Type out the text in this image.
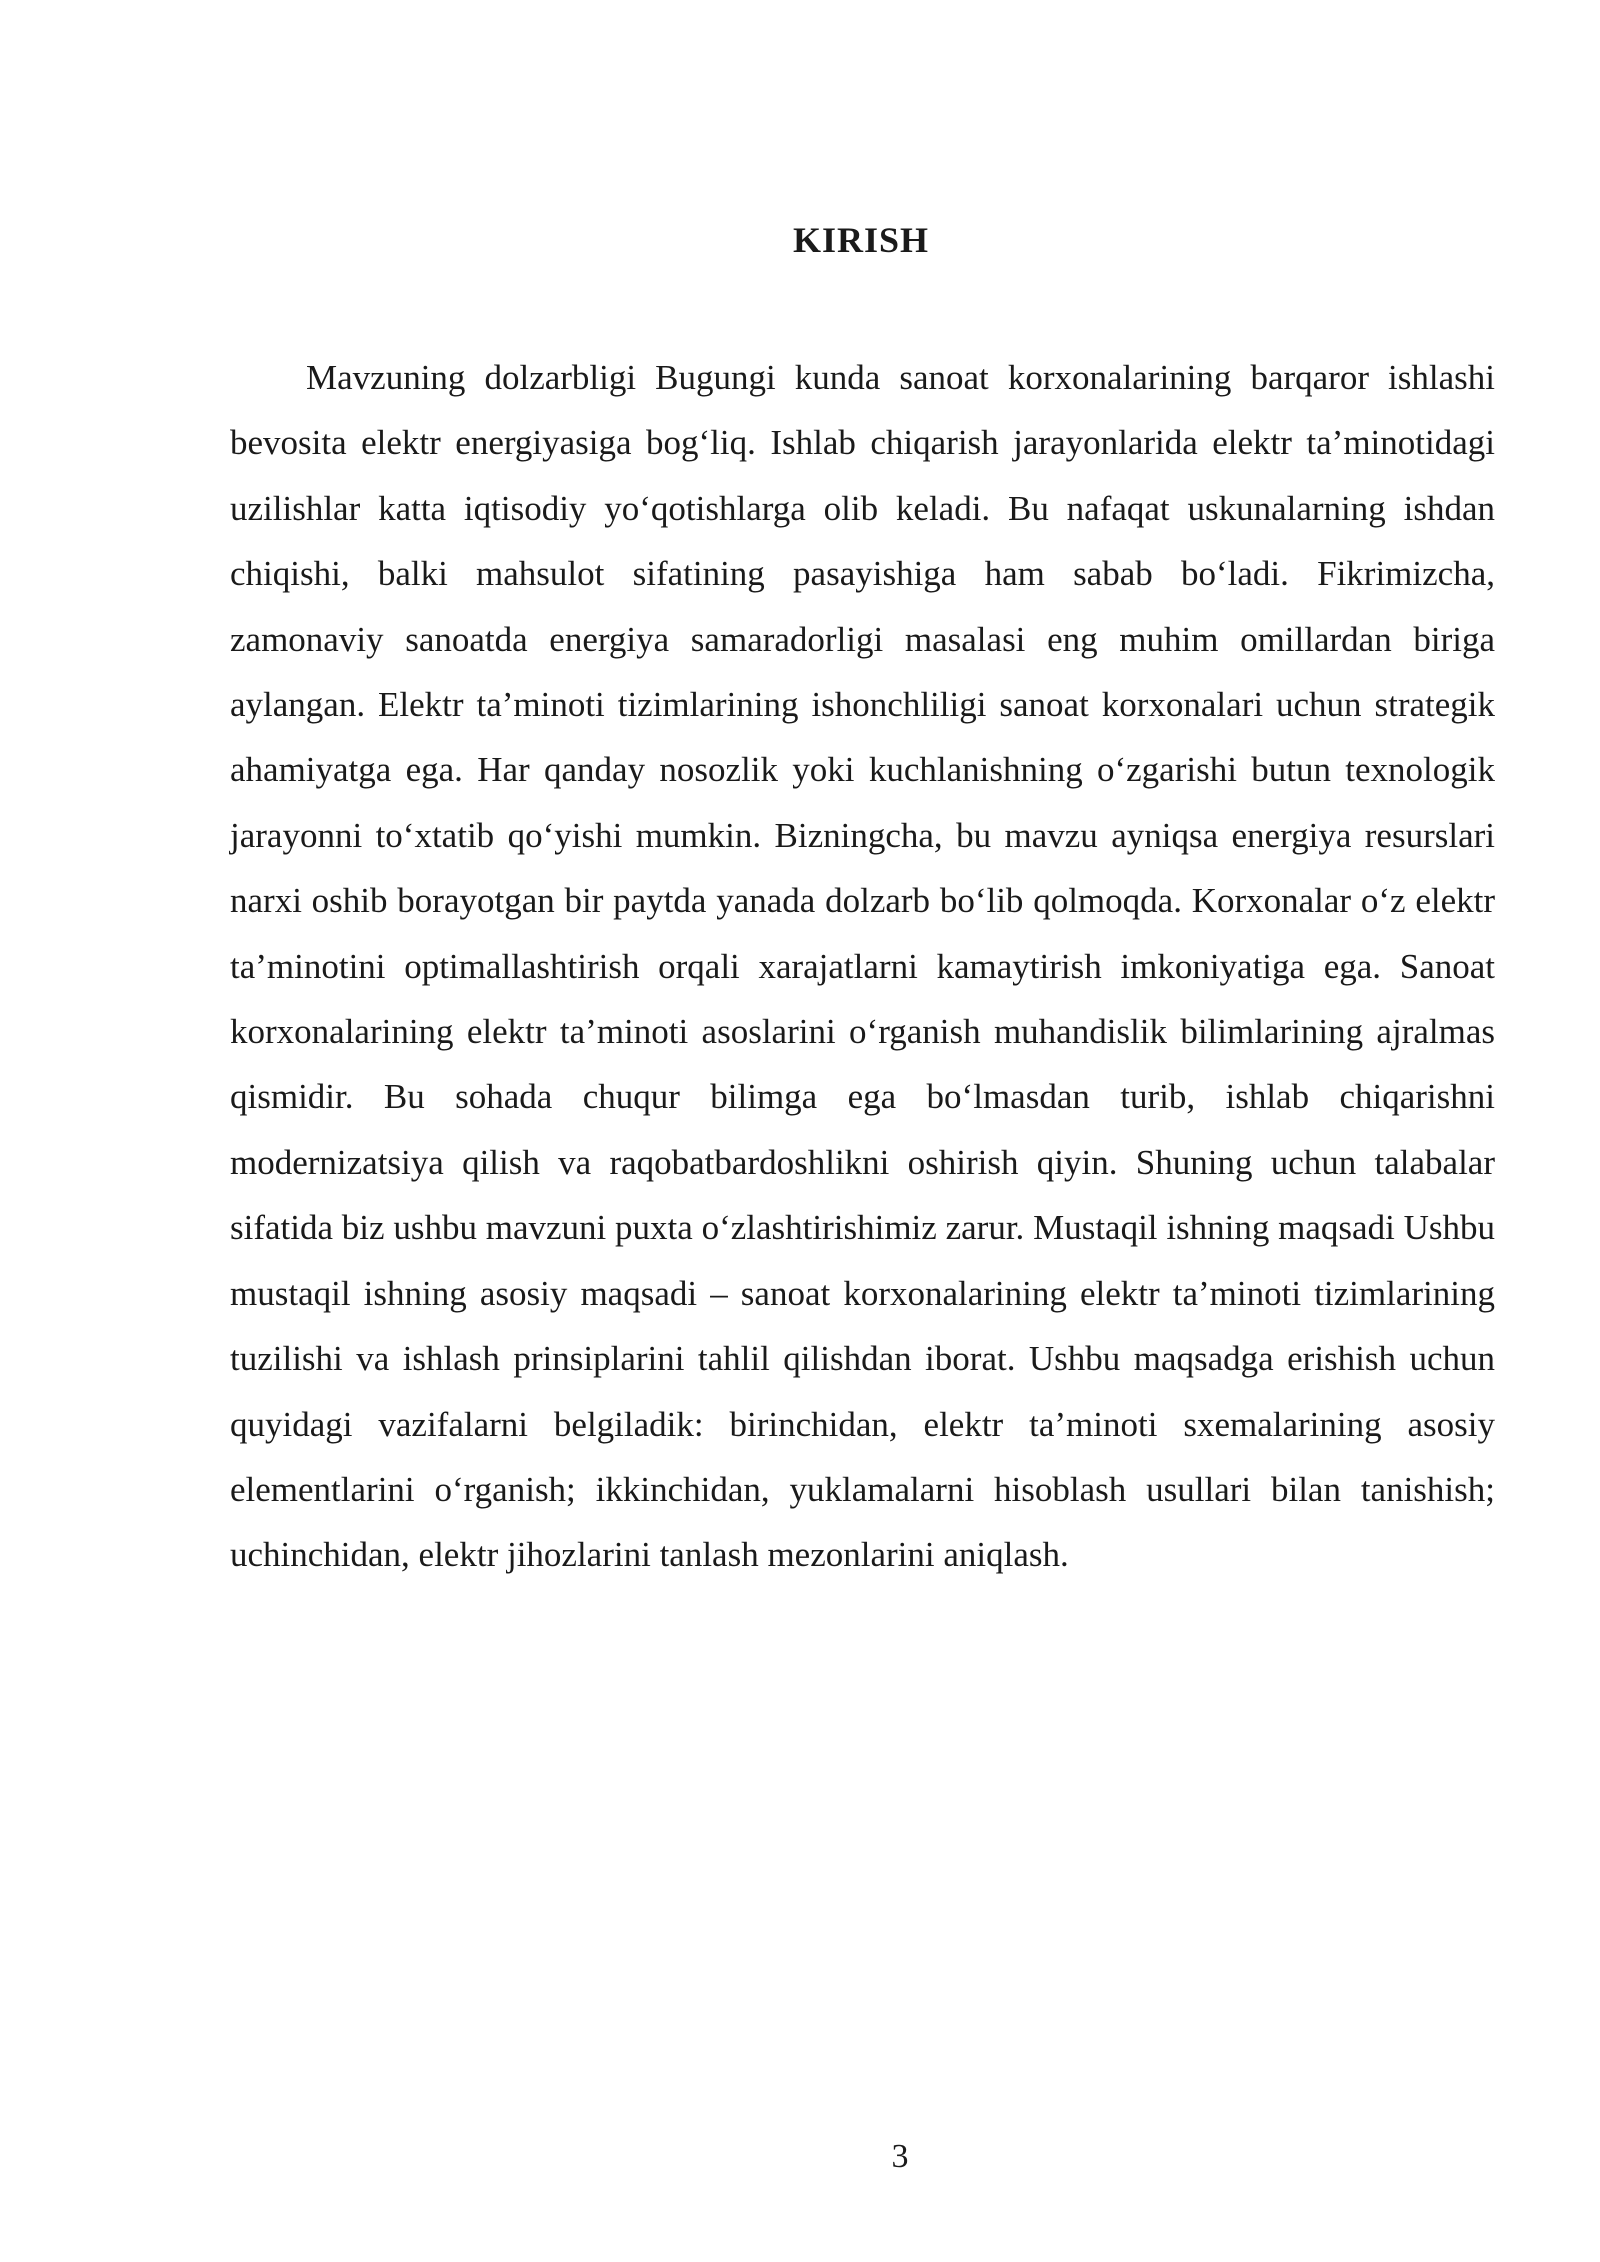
KIRISH

Mavzuning dolzarbligi Bugungi kunda sanoat korxonalarining barqaror ishlashi bevosita elektr energiyasiga bog‘liq. Ishlab chiqarish jarayonlarida elektr ta’minotidagi uzilishlar katta iqtisodiy yo‘qotishlarga olib keladi. Bu nafaqat uskunalarning ishdan chiqishi, balki mahsulot sifatining pasayishiga ham sabab bo‘ladi. Fikrimizcha, zamonaviy sanoatda energiya samaradorligi masalasi eng muhim omillardan biriga aylangan. Elektr ta’minoti tizimlarining ishonchliligi sanoat korxonalari uchun strategik ahamiyatga ega. Har qanday nosozlik yoki kuchlanishning o‘zgarishi butun texnologik jarayonni to‘xtatib qo‘yishi mumkin. Bizningcha, bu mavzu ayniqsa energiya resurslari narxi oshib borayotgan bir paytda yanada dolzarb bo‘lib qolmoqda. Korxonalar o‘z elektr ta’minotini optimallashtirish orqali xarajatlarni kamaytirish imkoniyatiga ega. Sanoat korxonalarining elektr ta’minoti asoslarini o‘rganish muhandislik bilimlarining ajralmas qismidir. Bu sohada chuqur bilimga ega bo‘lmasdan turib, ishlab chiqarishni modernizatsiya qilish va raqobatbardoshlikni oshirish qiyin. Shuning uchun talabalar sifatida biz ushbu mavzuni puxta o‘zlashtirishimiz zarur. Mustaqil ishning maqsadi Ushbu mustaqil ishning asosiy maqsadi – sanoat korxonalarining elektr ta’minoti tizimlarining tuzilishi va ishlash prinsiplarini tahlil qilishdan iborat. Ushbu maqsadga erishish uchun quyidagi vazifalarni belgiladik: birinchidan, elektr ta’minoti sxemalarining asosiy elementlarini o‘rganish; ikkinchidan, yuklamalarni hisoblash usullari bilan tanishish; uchinchidan, elektr jihozlarini tanlash mezonlarini aniqlash.

3
